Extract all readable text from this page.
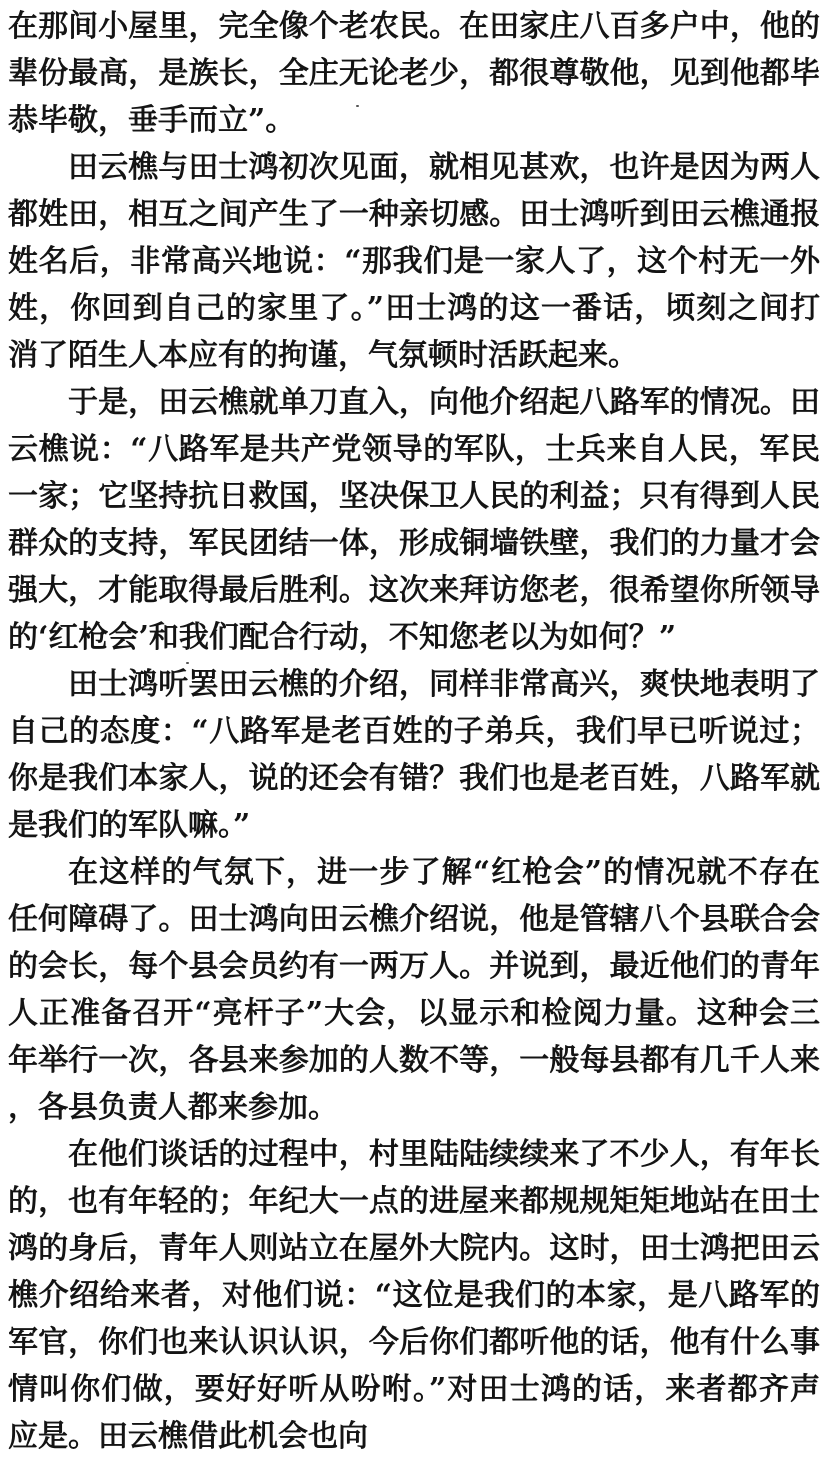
在那间小屋里，完全像个老农民。在田家庄八百多户中，他的辈份最高，是族长，全庄无论老少，都很尊敬他，见到他都毕恭毕敬，垂手而立”。

田云樵与田士鸿初次见面，就相见甚欢，也许是因为两人都姓田，相互之间产生了一种亲切感。田士鸿听到田云樵通报姓名后，非常高兴地说：“那我们是一家人了，这个村无一外姓，你回到自己的家里了。”田士鸿的这一番话，顷刻之间打消了陌生人本应有的拘谨，气氛顿时活跃起来。

于是，田云樵就单刀直入，向他介绍起八路军的情况。田云樵说：“八路军是共产党领导的军队，士兵来自人民，军民一家；它坚持抗日救国，坚决保卫人民的利益；只有得到人民群众的支持，军民团结一体，形成铜墙铁壁，我们的力量才会强大，才能取得最后胜利。这次来拜访您老，很希望你所领导的‘红枪会’和我们配合行动，不知您老以为如何？”

田士鸿听罢田云樵的介绍，同样非常高兴，爽快地表明了自己的态度：“八路军是老百姓的子弟兵，我们早已听说过；你是我们本家人，说的还会有错？我们也是老百姓，八路军就是我们的军队嘛。”

在这样的气氛下，进一步了解“红枪会”的情况就不存在任何障碍了。田士鸿向田云樵介绍说，他是管辖八个县联合会的会长，每个县会员约有一两万人。并说到，最近他们的青年人正准备召开“亮杆子”大会，以显示和检阅力量。这种会三年举行一次，各县来参加的人数不等，一般每县都有几千人来，各县负责人都来参加。

在他们谈话的过程中，村里陆陆续续来了不少人，有年长的，也有年轻的；年纪大一点的进屋来都规规矩矩地站在田士鸿的身后，青年人则站立在屋外大院内。这时，田士鸿把田云樵介绍给来者，对他们说：“这位是我们的本家，是八路军的军官，你们也来认识认识，今后你们都听他的话，他有什么事情叫你们做，要好好听从吩咐。”对田士鸿的话，来者都齐声应是。田云樵借此机会也向
